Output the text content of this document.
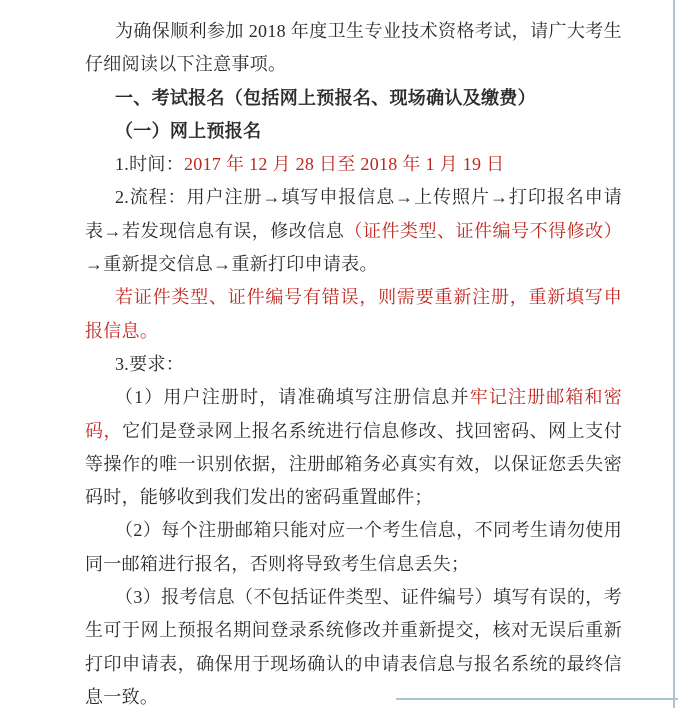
为确保顺利参加 2018 年度卫生专业技术资格考试，请广大考生仔细阅读以下注意事项。

一、考试报名（包括网上预报名、现场确认及缴费）

（一）网上预报名

1.时间：2017 年 12 月 28 日至 2018 年 1 月 19 日

2.流程：用户注册→填写申报信息→上传照片→打印报名申请表→若发现信息有误，修改信息（证件类型、证件编号不得修改）→重新提交信息→重新打印申请表。

若证件类型、证件编号有错误，则需要重新注册，重新填写申报信息。

3.要求：

（1）用户注册时，请准确填写注册信息并牢记注册邮箱和密码，它们是登录网上报名系统进行信息修改、找回密码、网上支付等操作的唯一识别依据，注册邮箱务必真实有效，以保证您丢失密码时，能够收到我们发出的密码重置邮件；

（2）每个注册邮箱只能对应一个考生信息，不同考生请勿使用同一邮箱进行报名，否则将导致考生信息丢失；

（3）报考信息（不包括证件类型、证件编号）填写有误的，考生可于网上预报名期间登录系统修改并重新提交，核对无误后重新打印申请表，确保用于现场确认的申请表信息与报名系统的最终信息一致。
